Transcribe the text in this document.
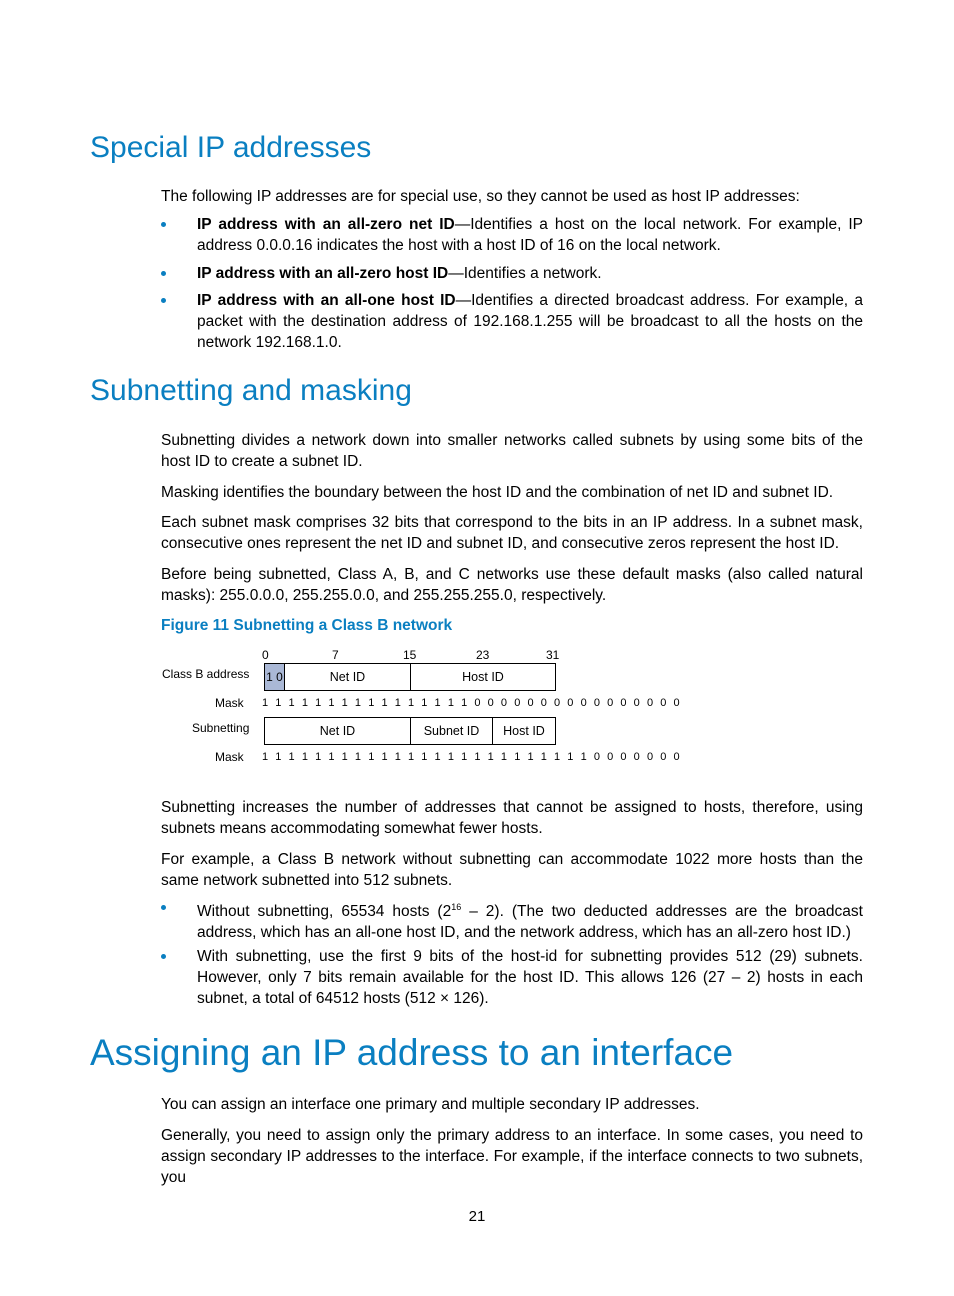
Special IP addresses

The following IP addresses are for special use, so they cannot be used as host IP addresses:

IP address with an all-zero net ID—Identifies a host on the local network. For example, IP address 0.0.0.16 indicates the host with a host ID of 16 on the local network.
IP address with an all-zero host ID—Identifies a network.
IP address with an all-one host ID—Identifies a directed broadcast address. For example, a packet with the destination address of 192.168.1.255 will be broadcast to all the hosts on the network 192.168.1.0.
Subnetting and masking

Subnetting divides a network down into smaller networks called subnets by using some bits of the host ID to create a subnet ID.

Masking identifies the boundary between the host ID and the combination of net ID and subnet ID.

Each subnet mask comprises 32 bits that correspond to the bits in an IP address. In a subnet mask, consecutive ones represent the net ID and subnet ID, and consecutive zeros represent the host ID.

Before being subnetted, Class A, B, and C networks use these default masks (also called natural masks): 255.0.0.0, 255.255.0.0, and 255.255.255.0, respectively.

Figure 11 Subnetting a Class B network
0	7	15	23	31
Class B address 1 0	Net ID	Host ID
Mask 1 1 1 1 1 1 1 1 1 1 1 1 1 1 1 1 0 0 0 0 0 0 0 0 0 0 0 0 0 0 0 0
Subnetting	Net ID	Subnet ID Host ID
Mask 1 1 1 1 1 1 1 1 1 1 1 1 1 1 1 1 1 1 1 1 1 1 1 1 1 0 0 0 0 0 0 0

Subnetting increases the number of addresses that cannot be assigned to hosts, therefore, using subnets means accommodating somewhat fewer hosts.

For example, a Class B network without subnetting can accommodate 1022 more hosts than the same network subnetted into 512 subnets.

Without subnetting, 65534 hosts $(2^{16} - 2)$. (The two deducted addresses are the broadcast address, which has an all-one host ID, and the network address, which has an all-zero host ID.)
With subnetting, use the first 9 bits of the host-id for subnetting provides 512 (29) subnets. However, only 7 bits remain available for the host ID. This allows 126 (27 – 2) hosts in each subnet, a total of 64512 hosts (512 × 126).
Assigning an IP address to an interface

You can assign an interface one primary and multiple secondary IP addresses.

Generally, you need to assign only the primary address to an interface. In some cases, you need to assign secondary IP addresses to the interface. For example, if the interface connects to two subnets, you

21
